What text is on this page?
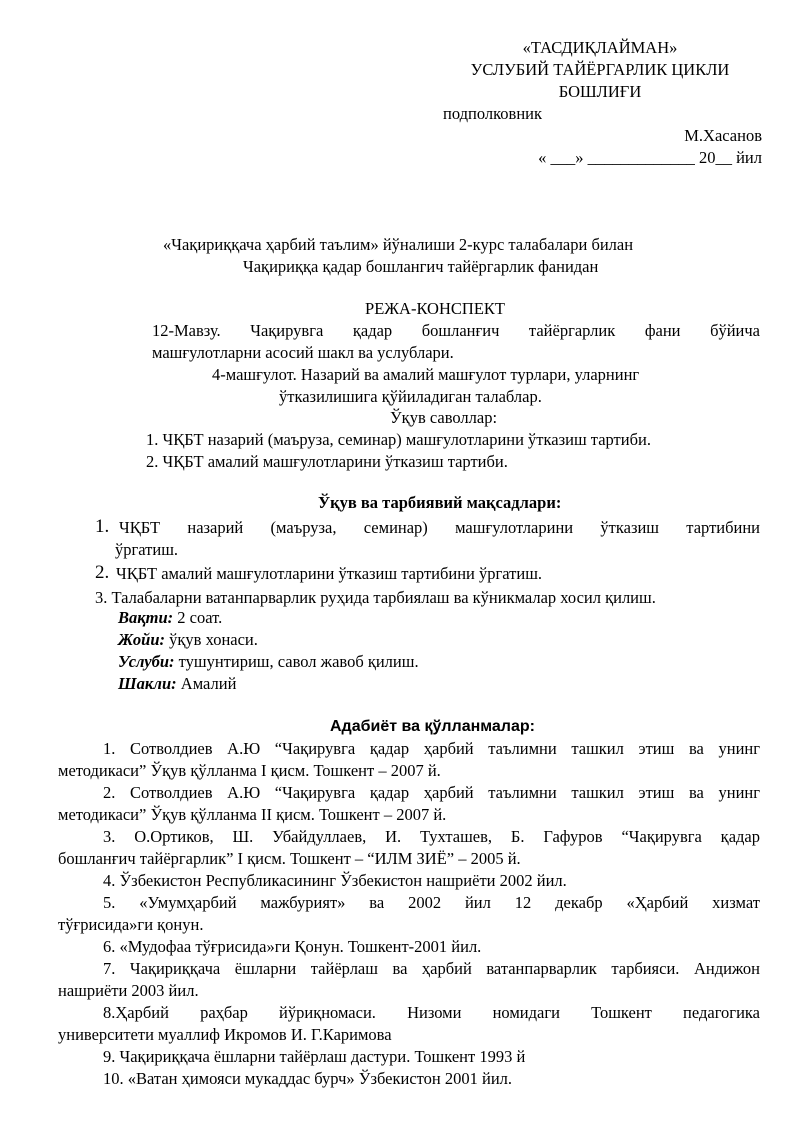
«ТАСДИҚЛАЙМАН»
УСЛУБИЙ ТАЙЁРГАРЛИК ЦИКЛИ
БОШЛИҒИ
подполковник
М.Хасанов
« ___» _____________ 20__ йил
«Чақириққача ҳарбий таълим» йўналиши 2-курс талабалари билан
Чақириққа қадар бошлангич тайёргарлик фанидан
РЕЖА-КОНСПЕКТ
12-Мавзу. Чақирувга қадар бошланғич тайёргарлик фани бўйича
машғулотларни асосий шакл ва услублари.
4-машғулот. Назарий ва амалий машғулот турлари, уларнинг
ўтказилишига қўйиладиган талаблар.
Ўқув саволлар:
1. ЧҚБТ назарий (маъруза, семинар) машғулотларини ўтказиш тартиби.
2. ЧҚБТ амалий машғулотларини ўтказиш тартиби.
Ўқув ва тарбиявий мақсадлари:
1. ЧҚБТ назарий (маъруза, семинар) машғулотларини ўтказиш тартибини
ўргатиш.
2. ЧҚБТ амалий машғулотларини ўтказиш тартибини ўргатиш.
3. Талабаларни ватанпарварлик руҳида тарбиялаш ва кўникмалар хосил қилиш.
Вақти: 2 соат.
Жойи: ўқув хонаси.
Услуби: тушунтириш, савол жавоб қилиш.
Шакли: Амалий
Адабиёт ва қўлланмалар:
1. Сотволдиев А.Ю “Чақирувга қадар ҳарбий таълимни ташкил этиш ва унинг
методикаси” Ўқув қўлланма I қисм. Тошкент – 2007 й.
2. Сотволдиев А.Ю “Чақирувга қадар ҳарбий таълимни ташкил этиш ва унинг
методикаси” Ўқув қўлланма II қисм. Тошкент – 2007 й.
3. О.Ортиков, Ш. Убайдуллаев, И. Тухташев, Б. Гафуров “Чақирувга қадар
бошланғич тайёргарлик” I қисм. Тошкент – “ИЛМ ЗИЁ” – 2005 й.
4. Ўзбекистон Республикасининг Ўзбекистон нашриёти 2002 йил.
5. «Умумҳарбий мажбурият» ва 2002 йил 12 декабр «Ҳарбий хизмат
тўғрисида»ги қонун.
6. «Мудофаа тўғрисида»ги Қонун. Тошкент-2001 йил.
7. Чақириққача ёшларни тайёрлаш ва ҳарбий ватанпарварлик тарбияси. Андижон
нашриёти 2003 йил.
8.Ҳарбий раҳбар йўриқномаси. Низоми номидаги Тошкент педагогика
университети муаллиф Икромов И. Г.Каримова
9. Чақириққача ёшларни тайёрлаш дастури. Тошкент 1993 й
10. «Ватан ҳимояси мукаддас бурч» Ўзбекистон 2001 йил.
